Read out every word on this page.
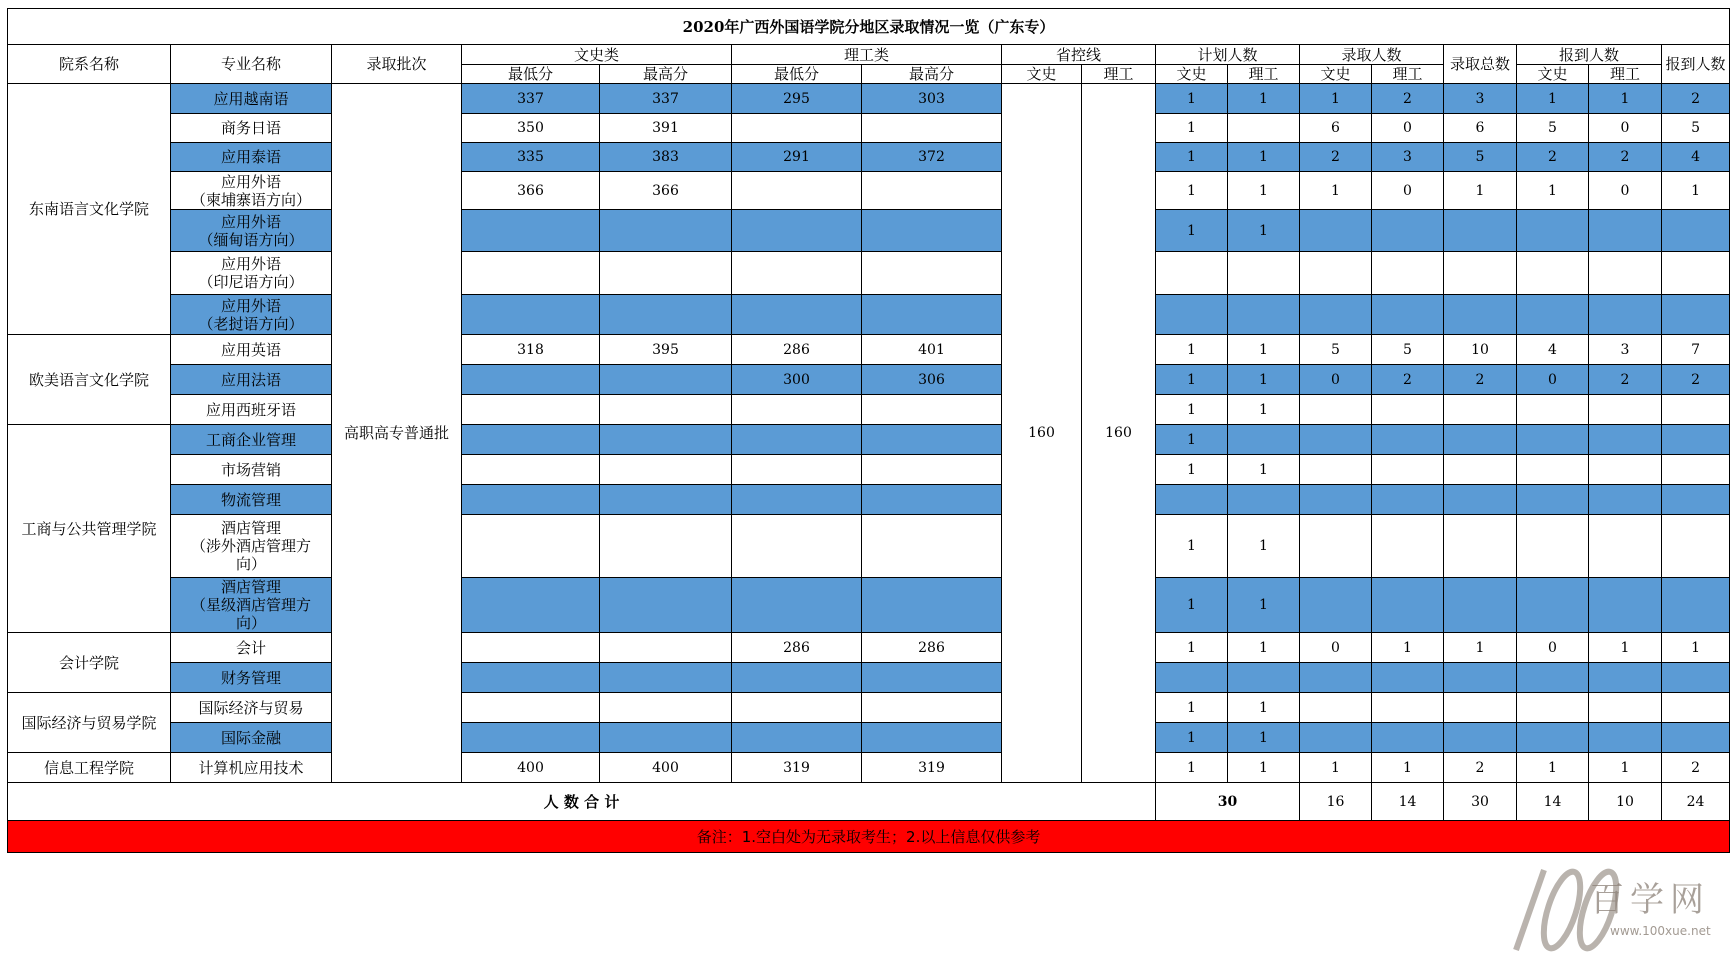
2020年广西外国语学院分地区录取情况一览（广东专）																
院系名称	专业名称	录取批次	文史类		理工类		省控线		计划人数		录取人数		录取总数	报到人数		报到人数
			最低分	最高分	最低分	最高分	文史	理工	文史	理工	文史	理工		文史	理工	
东南语言文化学院	应用越南语	高职高专普通批	337	337	295	303	160	160	1	1	1	2	3	1	1	2

	商务日语		350	391					1		6	0	6	5	0	5

	应用泰语		335	383	291	372			1	1	2	3	5	2	2	4

	应用外语
（柬埔寨语方向）		366	366					1	1	1	0	1	1	0	1

	应用外语
（缅甸语方向）								1	1						

	应用外语
（印尼语方向）															

	应用外语
（老挝语方向）															

欧美语言文化学院	应用英语		318	395	286	401			1	1	5	5	10	4	3	7

	应用法语				300	306			1	1	0	2	2	0	2	2

	应用西班牙语								1	1						
工商与公共管理学院	工商企业管理								1							

	市场营销								1	1						

	物流管理															

	酒店管理
（涉外酒店管理方
向）								1	1						

	酒店管理
（星级酒店管理方
向）								1	1						
会计学院	会计				286	286			1	1	0	1	1	0	1	1

	财务管理															

国际经济与贸易学院	国际经济与贸易								1	1						

	国际金融								1	1						
信息工程学院	计算机应用技术		400	400	319	319			1	1	1	1	2	1	1	2
人 数 合 计									30		16	14	30	14	10	24
备注：1.空白处为无录取考生；2.以上信息仅供参考																
百学网
www.100xue.net
